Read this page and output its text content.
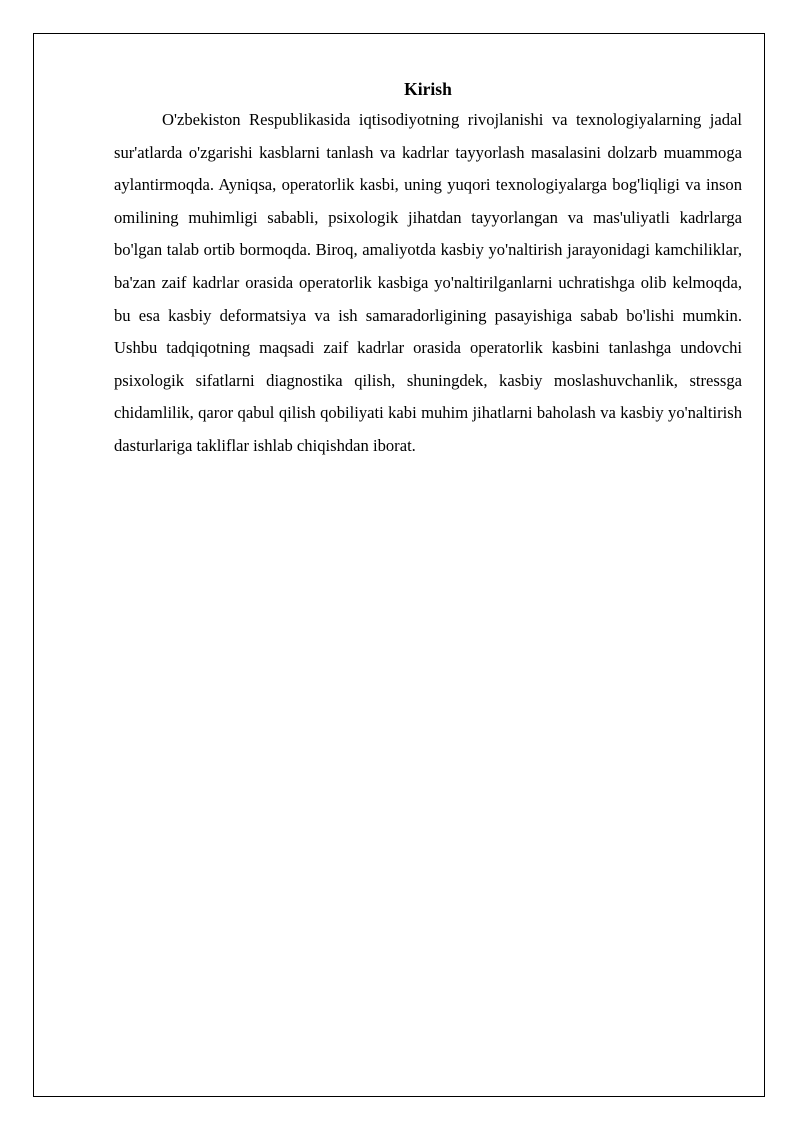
Kirish

O'zbekiston Respublikasida iqtisodiyotning rivojlanishi va texnologiyalarning jadal sur'atlarda o'zgarishi kasblarni tanlash va kadrlar tayyorlash masalasini dolzarb muammoga aylantirmoqda. Ayniqsa, operatorlik kasbi, uning yuqori texnologiyalarga bog'liqligi va inson omilining muhimligi sababli, psixologik jihatdan tayyorlangan va mas'uliyatli kadrlarga bo'lgan talab ortib bormoqda. Biroq, amaliyotda kasbiy yo'naltirish jarayonidagi kamchiliklar, ba'zan zaif kadrlar orasida operatorlik kasbiga yo'naltirilganlarni uchratishga olib kelmoqda, bu esa kasbiy deformatsiya va ish samaradorligining pasayishiga sabab bo'lishi mumkin. Ushbu tadqiqotning maqsadi zaif kadrlar orasida operatorlik kasbini tanlashga undovchi psixologik sifatlarni diagnostika qilish, shuningdek, kasbiy moslashuvchanlik, stressga chidamlilik, qaror qabul qilish qobiliyati kabi muhim jihatlarni baholash va kasbiy yo'naltirish dasturlariga takliflar ishlab chiqishdan iborat.
